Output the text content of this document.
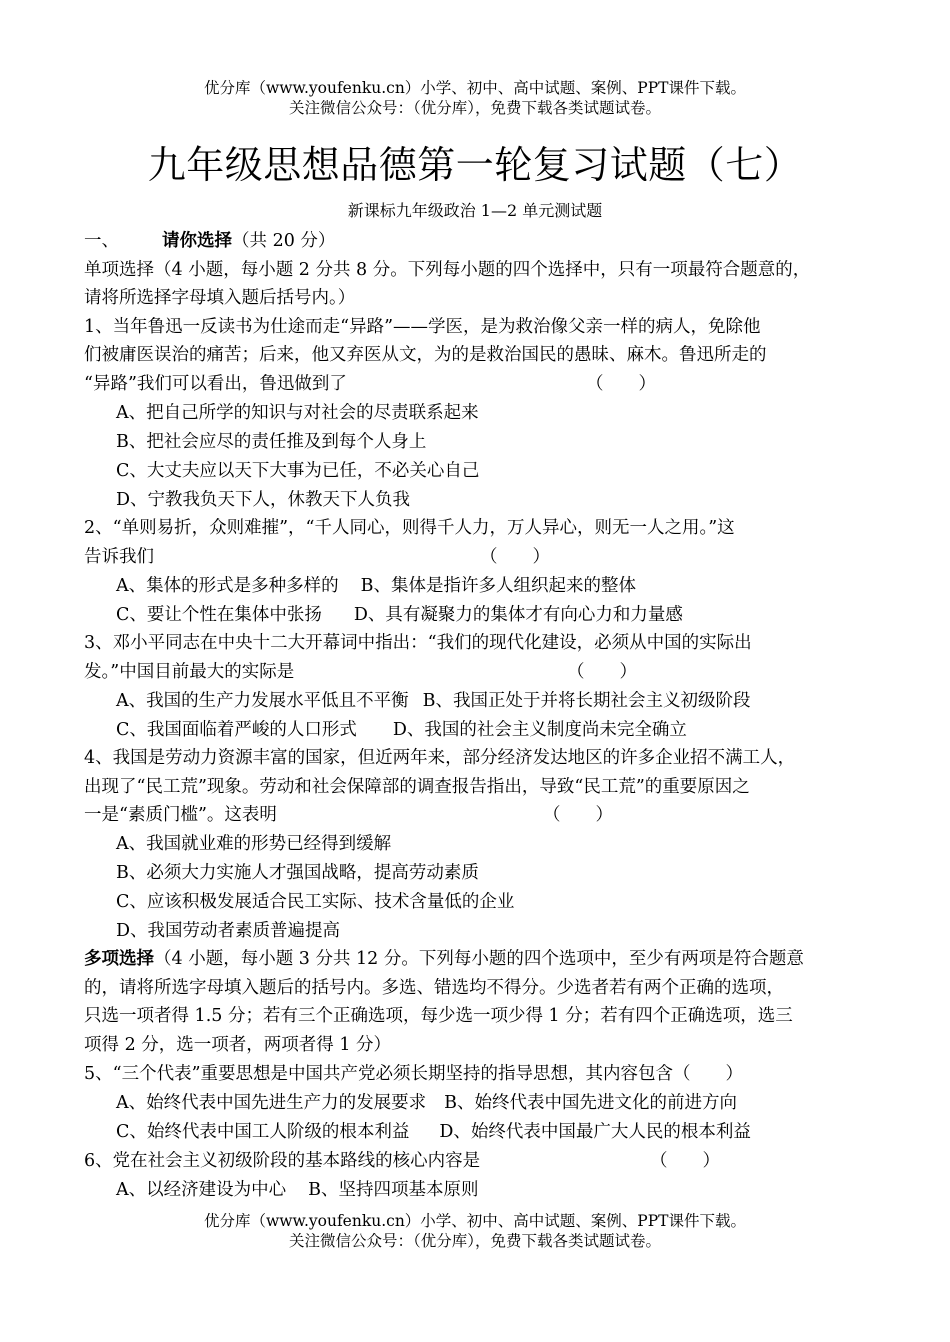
优分库（www.youfenku.cn）小学、初中、高中试题、案例、PPT课件下载。
关注微信公众号：（优分库），免费下载各类试题试卷。
九年级思想品德第一轮复习试题（七）
新课标九年级政治 1—2 单元测试题
一、 请你选择（共 20 分）
单项选择（4 小题，每小题 2 分共 8 分。下列每小题的四个选择中，只有一项最符合题意的，
请将所选择字母填入题后括号内。）
1、当年鲁迅一反读书为仕途而走“异路”——学医，是为救治像父亲一样的病人，免除他
们被庸医误治的痛苦；后来，他又弃医从文，为的是救治国民的愚昧、麻木。鲁迅所走的
“异路”我们可以看出，鲁迅做到了	（　　）
A、把自己所学的知识与对社会的尽责联系起来
B、把社会应尽的责任推及到每个人身上
C、大丈夫应以天下大事为已任，不必关心自己
D、宁教我负天下人，休教天下人负我
2、“单则易折，众则难摧”，“千人同心，则得千人力，万人异心，则无一人之用。”这
告诉我们	（　　）
A、集体的形式是多种多样的 B、集体是指许多人组织起来的整体
C、要让个性在集体中张扬 D、具有凝聚力的集体才有向心力和力量感
3、邓小平同志在中央十二大开幕词中指出：“我们的现代化建设，必须从中国的实际出
发。”中国目前最大的实际是	（　　）
A、我国的生产力发展水平低且不平衡 B、我国正处于并将长期社会主义初级阶段
C、我国面临着严峻的人口形式 D、我国的社会主义制度尚未完全确立
4、我国是劳动力资源丰富的国家，但近两年来，部分经济发达地区的许多企业招不满工人，
出现了“民工荒”现象。劳动和社会保障部的调查报告指出，导致“民工荒”的重要原因之
一是“素质门槛”。这表明	（　　）
A、我国就业难的形势已经得到缓解
B、必须大力实施人才强国战略，提高劳动素质
C、应该积极发展适合民工实际、技术含量低的企业
D、我国劳动者素质普遍提高
多项选择（4 小题，每小题 3 分共 12 分。下列每小题的四个选项中，至少有两项是符合题意
的，请将所选字母填入题后的括号内。多选、错选均不得分。少选者若有两个正确的选项，
只选一项者得 1.5 分；若有三个正确选项，每少选一项少得 1 分；若有四个正确选项，选三
项得 2 分，选一项者，两项者得 1 分）
5、“三个代表”重要思想是中国共产党必须长期坚持的指导思想，其内容包含（　　）
A、始终代表中国先进生产力的发展要求 B、始终代表中国先进文化的前进方向
C、始终代表中国工人阶级的根本利益 D、始终代表中国最广大人民的根本利益
6、党在社会主义初级阶段的基本路线的核心内容是	（　　）
A、以经济建设为中心 B、坚持四项基本原则
优分库（www.youfenku.cn）小学、初中、高中试题、案例、PPT课件下载。
关注微信公众号：（优分库），免费下载各类试题试卷。
